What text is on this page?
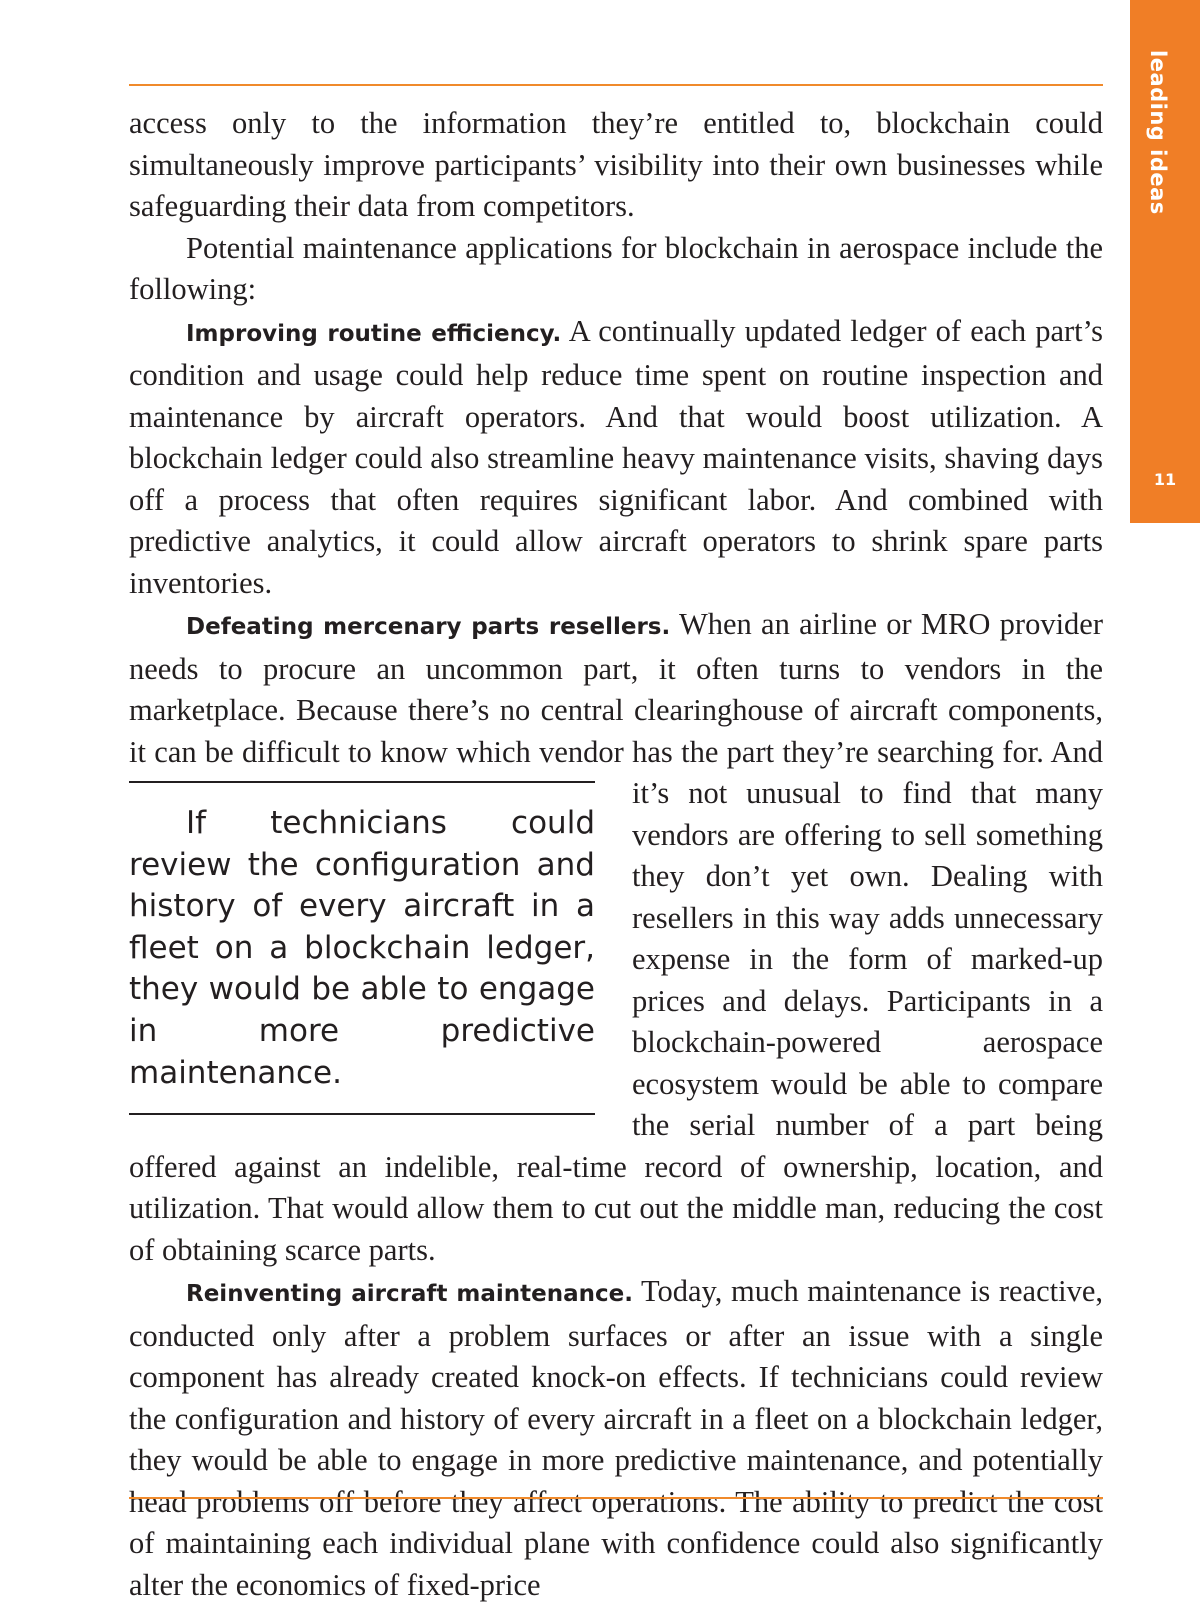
leading ideas
11

access only to the information they’re entitled to, blockchain could simultaneously improve participants’ visibility into their own businesses while safeguarding their data from competitors.

Potential maintenance applications for blockchain in aerospace include the following:

Improving routine efficiency. A continually updated ledger of each part’s condition and usage could help reduce time spent on routine inspection and maintenance by aircraft operators. And that would boost utilization. A blockchain ledger could also streamline heavy maintenance visits, shaving days off a process that often requires significant labor. And combined with predictive analytics, it could allow aircraft operators to shrink spare parts inventories.

Defeating mercenary parts resellers. When an airline or MRO provider needs to procure an uncommon part, it often turns to vendors in the marketplace. Because there’s no central clearinghouse of aircraft components, it can be difficult to know which vendor has the part they’re searching for. And it’s not
If technicians could review the configuration and history of every aircraft in a fleet on a blockchain ledger, they would be able to engage in more predictive maintenance.
unusual to find that many vendors are offering to sell something they don’t yet own. Dealing with resellers in this way adds unnecessary expense in the form of marked-up prices and delays. Participants in a blockchain-powered aerospace ecosystem would be able to compare the serial number of a part being offered against an indelible, real-time record of ownership, location, and utilization. That would allow them to cut out the middle man, reducing the cost of obtaining scarce parts.

Reinventing aircraft maintenance. Today, much maintenance is reactive, conducted only after a problem surfaces or after an issue with a single component has already created knock-on effects. If technicians could review the configuration and history of every aircraft in a fleet on a blockchain ledger, they would be able to engage in more predictive maintenance, and potentially head problems off before they affect operations. The ability to predict the cost of maintaining each individual plane with confidence could also significantly alter the economics of fixed-price
